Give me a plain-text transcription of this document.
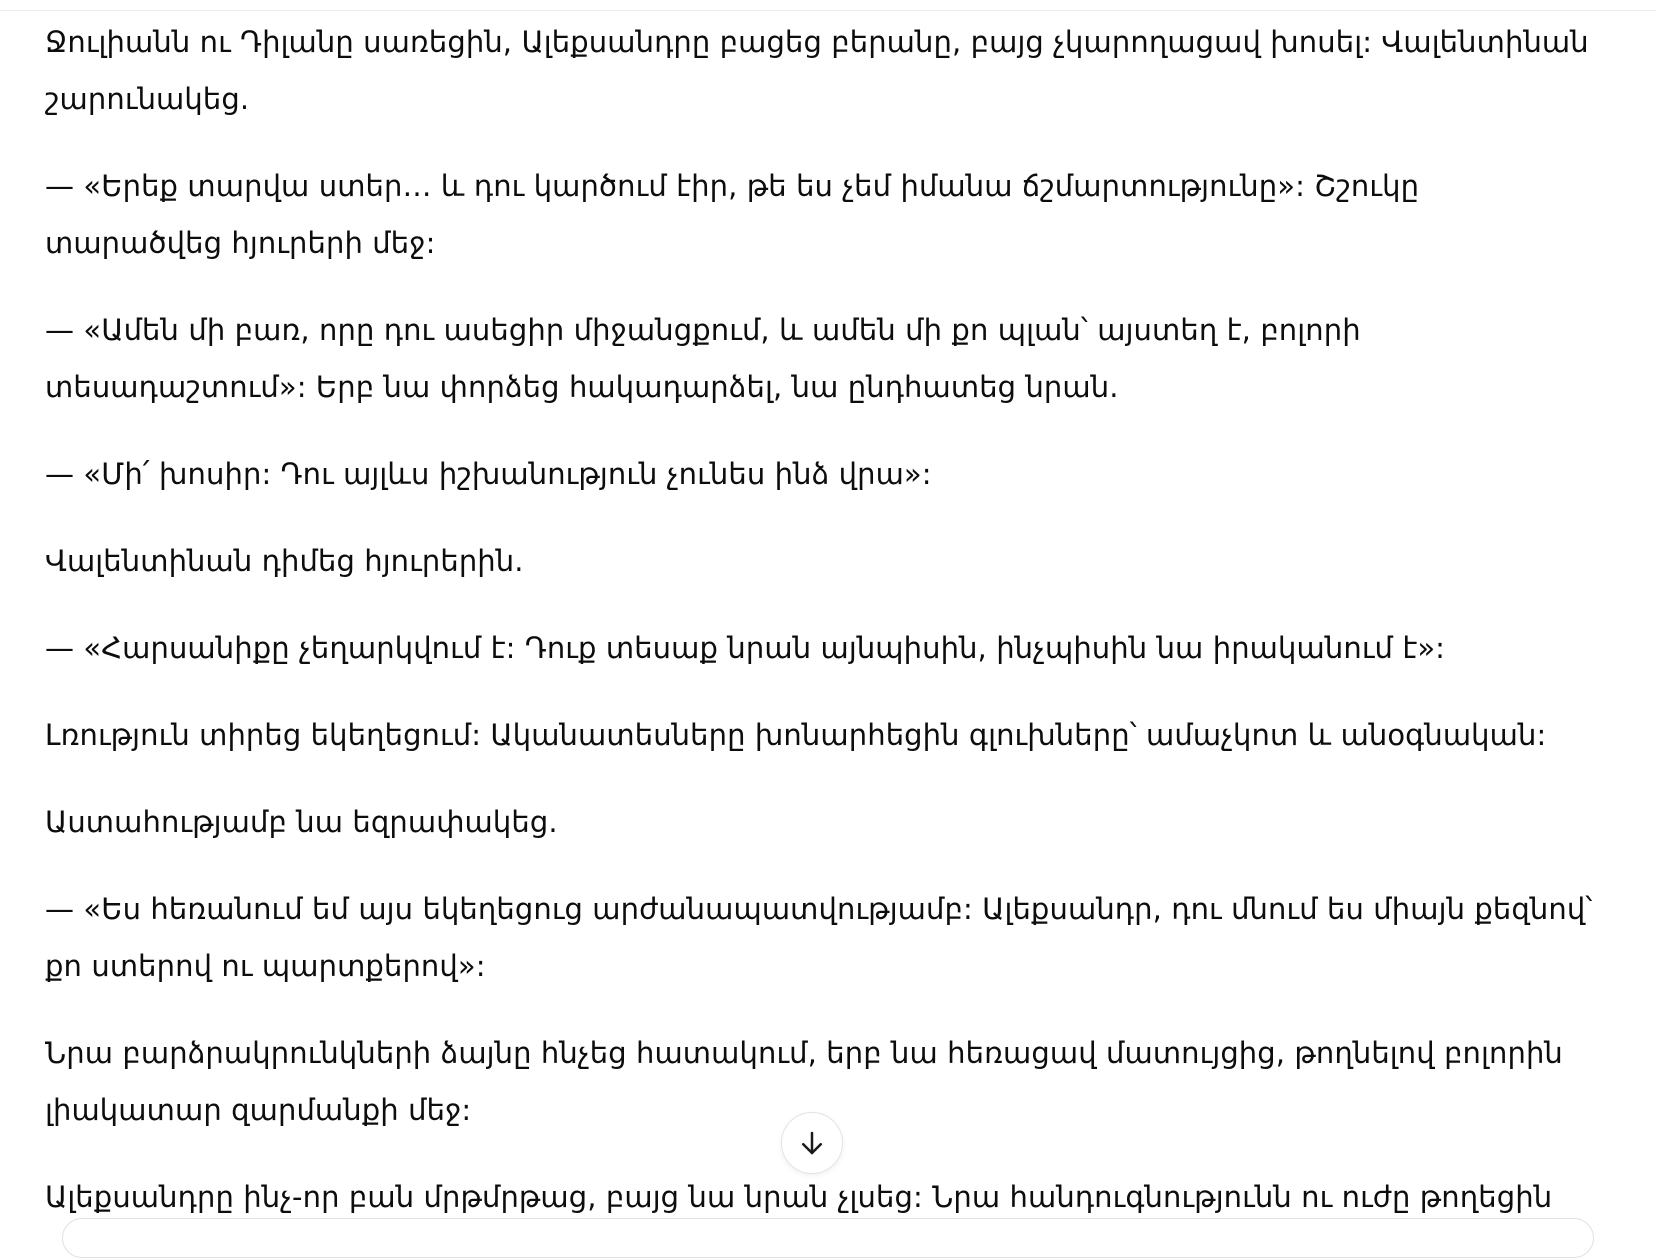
Ջուլիանն ու Դիլանը սառեցին, Ալեքսանդրը բացեց բերանը, բայց չկարողացավ խոսել: Վալենտինան շարունակեց.

— «Երեք տարվա ստեր… և դու կարծում էիր, թե ես չեմ իմանա ճշմարտությունը»: Շշուկը տարածվեց հյուրերի մեջ:

— «Ամեն մի բառ, որը դու ասեցիր միջանցքում, և ամեն մի քո պլան՝ այստեղ է, բոլորի տեսադաշտում»: Երբ նա փորձեց հակադարձել, նա ընդհատեց նրան.

— «Մի՛ խոսիր: Դու այլևս իշխանություն չունես ինձ վրա»:

Վալենտինան դիմեց հյուրերին.

— «Հարսանիքը չեղարկվում է: Դուք տեսաք նրան այնպիսին, ինչպիսին նա իրականում է»:

Լռություն տիրեց եկեղեցում: Ականատեսները խոնարհեցին գլուխները՝ ամաչկոտ և անօգնական:

Աստահությամբ նա եզրափակեց.

— «Ես հեռանում եմ այս եկեղեցուց արժանապատվությամբ: Ալեքսանդր, դու մնում ես միայն քեզնով՝ քո ստերով ու պարտքերով»:

Նրա բարձրակրունկների ձայնը հնչեց հատակում, երբ նա հեռացավ մատույցից, թողնելով բոլորին լիակատար զարմանքի մեջ:

Ալեքսանդրը ինչ-որ բան մրթմրթաց, բայց նա նրան չլսեց: Նրա հանդուգնությունն ու ուժը թողեցին
